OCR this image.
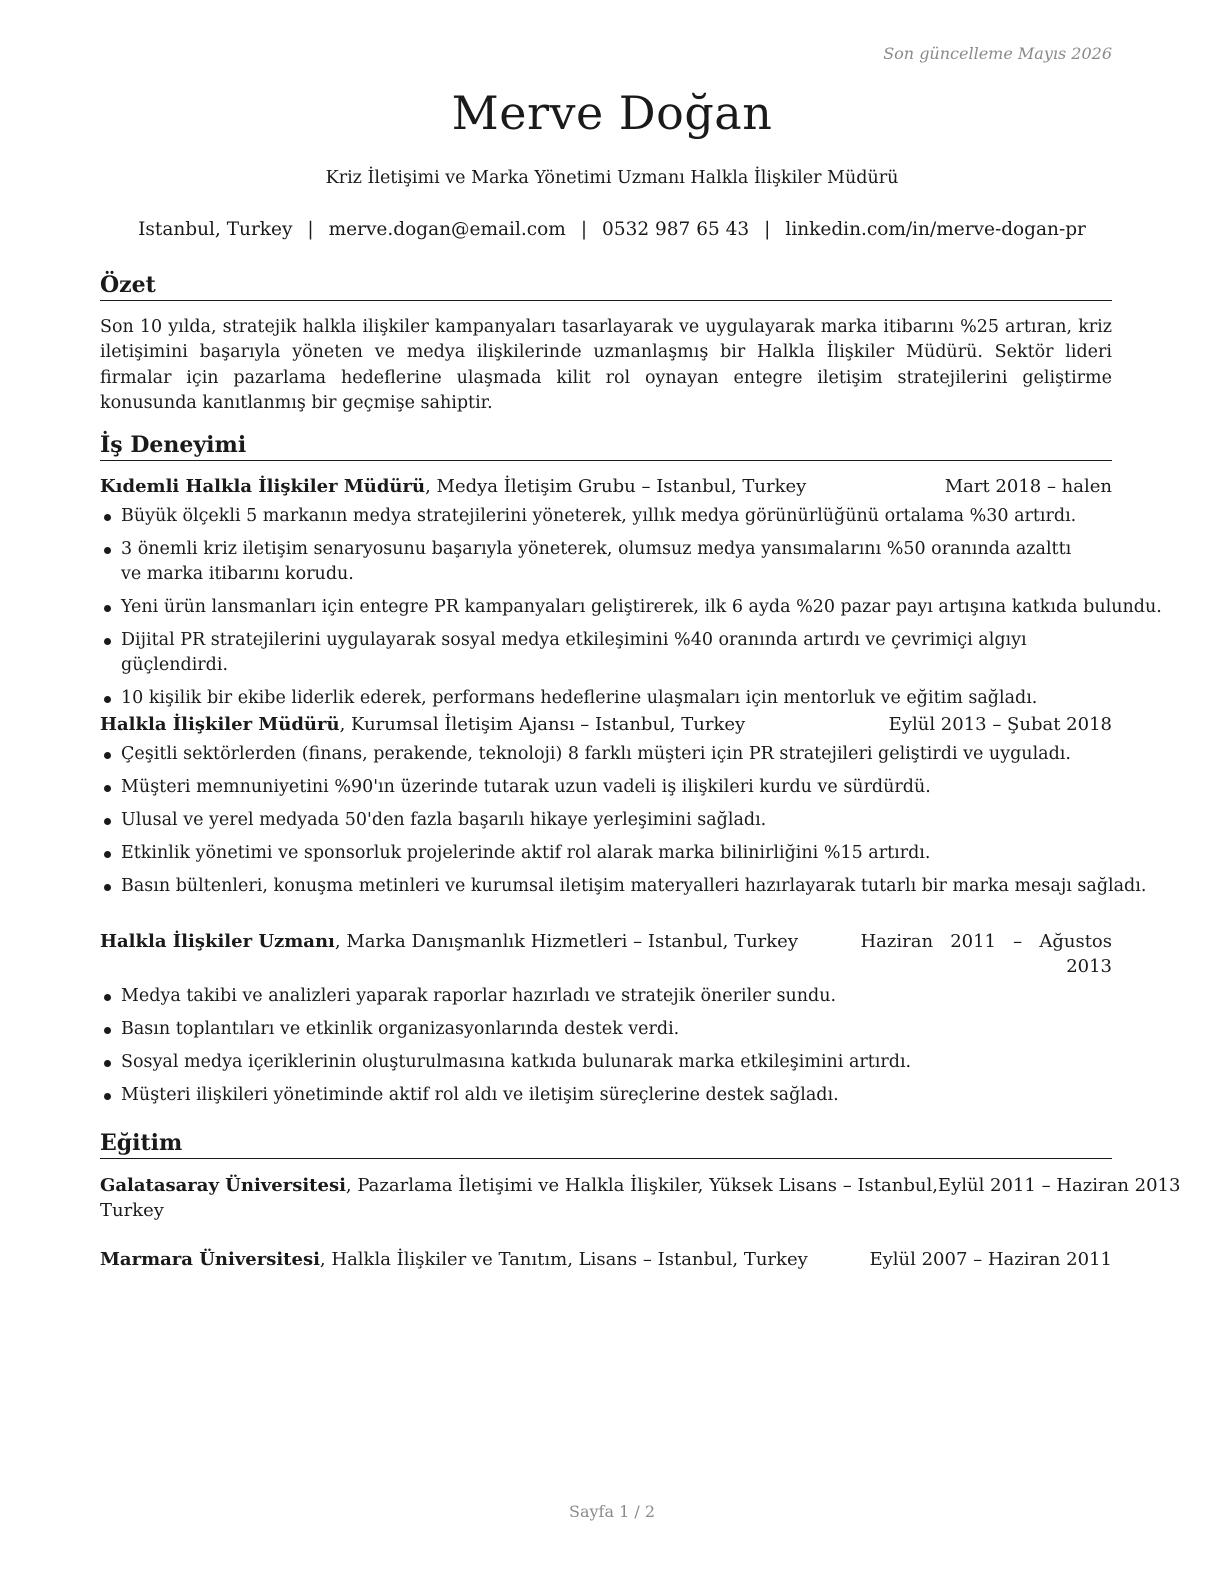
Son güncelleme Mayıs 2026
Merve Doğan
Kriz İletişimi ve Marka Yönetimi Uzmanı Halkla İlişkiler Müdürü
Istanbul, Turkey | merve.dogan@email.com | 0532 987 65 43 | linkedin.com/in/merve-dogan-pr
Özet
Son 10 yılda, stratejik halkla ilişkiler kampanyaları tasarlayarak ve uygulayarak marka itibarını %25 artıran, kriz iletişimini başarıyla yöneten ve medya ilişkilerinde uzmanlaşmış bir Halkla İlişkiler Müdürü. Sektör lideri firmalar için pazarlama hedeflerine ulaşmada kilit rol oynayan entegre iletişim stratejilerini geliştirme konusunda kanıtlanmış bir geçmişe sahiptir.
İş Deneyimi
Kıdemli Halkla İlişkiler Müdürü, Medya İletişim Grubu – Istanbul, Turkey	Mart 2018 – halen
Büyük ölçekli 5 markanın medya stratejilerini yöneterek, yıllık medya görünürlüğünü ortalama %30 artırdı.
3 önemli kriz iletişim senaryosunu başarıyla yöneterek, olumsuz medya yansımalarını %50 oranında azalttı ve marka itibarını korudu.
Yeni ürün lansmanları için entegre PR kampanyaları geliştirerek, ilk 6 ayda %20 pazar payı artışına katkıda bulundu.
Dijital PR stratejilerini uygulayarak sosyal medya etkileşimini %40 oranında artırdı ve çevrimiçi algıyı güçlendirdi.
10 kişilik bir ekibe liderlik ederek, performans hedeflerine ulaşmaları için mentorluk ve eğitim sağladı.
Halkla İlişkiler Müdürü, Kurumsal İletişim Ajansı – Istanbul, Turkey	Eylül 2013 – Şubat 2018
Çeşitli sektörlerden (finans, perakende, teknoloji) 8 farklı müşteri için PR stratejileri geliştirdi ve uyguladı.
Müşteri memnuniyetini %90'ın üzerinde tutarak uzun vadeli iş ilişkileri kurdu ve sürdürdü.
Ulusal ve yerel medyada 50'den fazla başarılı hikaye yerleşimini sağladı.
Etkinlik yönetimi ve sponsorluk projelerinde aktif rol alarak marka bilinirliğini %15 artırdı.
Basın bültenleri, konuşma metinleri ve kurumsal iletişim materyalleri hazırlayarak tutarlı bir marka mesajı sağladı.
Halkla İlişkiler Uzmanı, Marka Danışmanlık Hizmetleri – Istanbul, Turkey	Haziran   2011   –   Ağustos
2013
Medya takibi ve analizleri yaparak raporlar hazırladı ve stratejik öneriler sundu.
Basın toplantıları ve etkinlik organizasyonlarında destek verdi.
Sosyal medya içeriklerinin oluşturulmasına katkıda bulunarak marka etkileşimini artırdı.
Müşteri ilişkileri yönetiminde aktif rol aldı ve iletişim süreçlerine destek sağladı.
Eğitim
Galatasaray Üniversitesi, Pazarlama İletişimi ve Halkla İlişkiler, Yüksek Lisans – Istanbul, Eylül 2011 – Haziran 2013
Turkey
Marmara Üniversitesi, Halkla İlişkiler ve Tanıtım, Lisans – Istanbul, Turkey	Eylül 2007 – Haziran 2011
Sayfa 1 / 2
